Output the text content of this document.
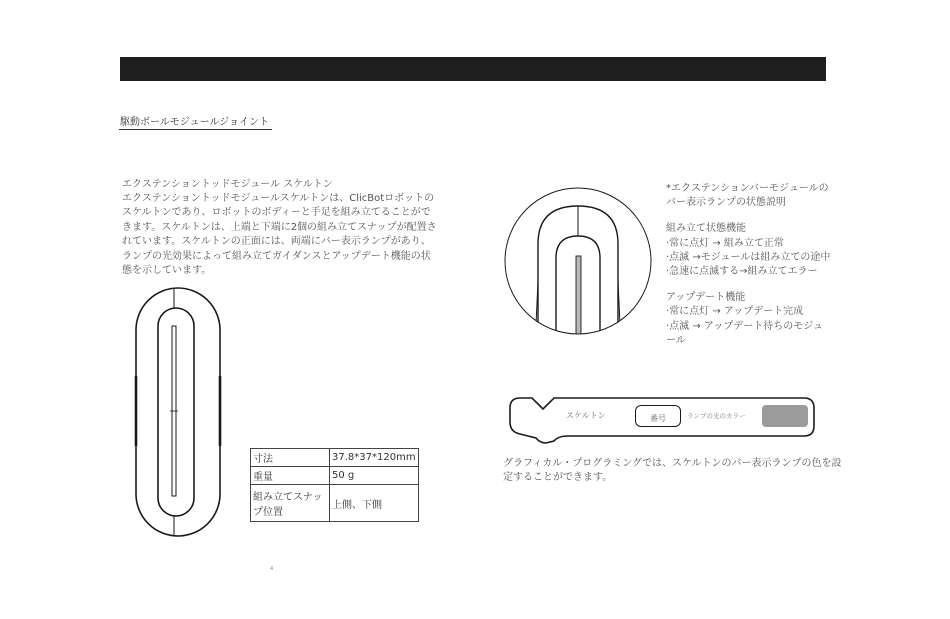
駆動ボールモジュールジョイント
エクステンショントッドモジュール スケルトン
エクステンショントッドモジュールスケルトンは、ClicBotロボットのスケルトンであり、ロボットのボディーと手足を組み立てることができます。スケルトンは、上端と下端に2個の組み立てスナップが配置されています。スケルトンの正面には、両端にバー表示ランプがあり、ランプの光効果によって組み立てガイダンスとアップデート機能の状態を示しています。
寸法	37.8*37*120mm
重量	50 g
組み立てスナップ位置	上側、下側
4

*エクステンションバーモジュールのバー表示ランプの状態説明

組み立て状態機能

·常に点灯 → 組み立て正常

·点滅 →モジュールは組み立ての途中

·急速に点滅する→組み立てエラー

アップデート機能

·常に点灯 → アップデート完成

·点滅 → アップデート待ちのモジュール

スケルトン	番号	ランプの光のカラー
グラフィカル・プログラミングでは、スケルトンのバー表示ランプの色を設定することができます。
